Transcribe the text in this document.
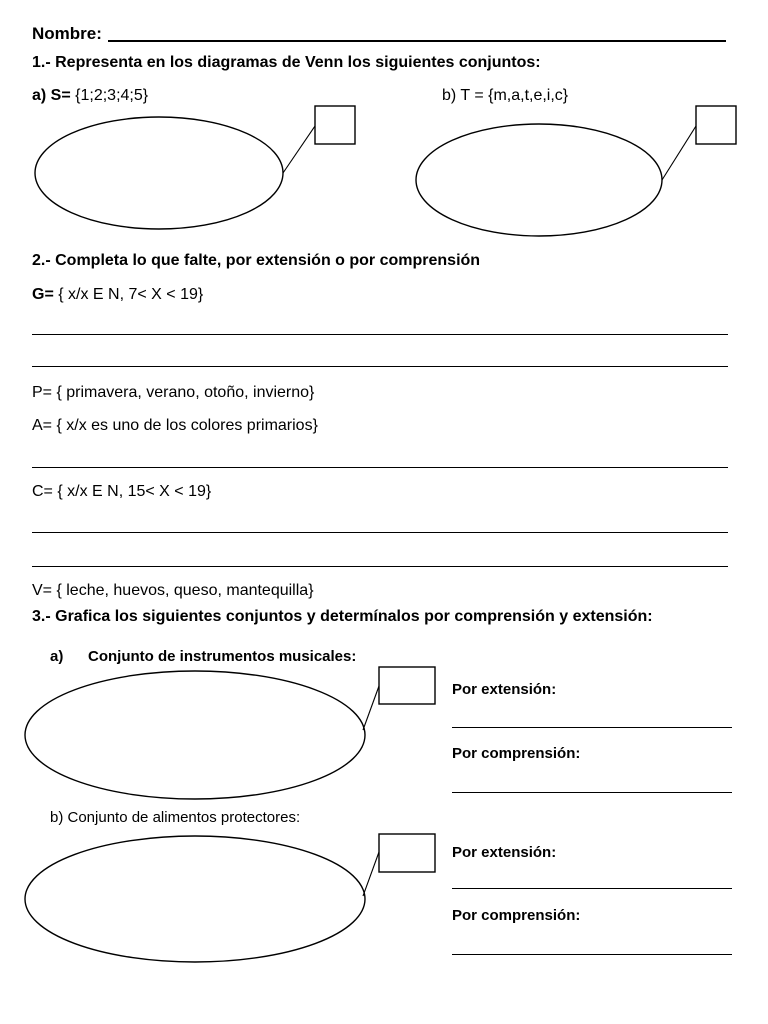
Nombre:
1.- Representa en los diagramas de Venn los siguientes conjuntos:
a) S= {1;2;3;4;5}	b) T = {m,a,t,e,i,c}
2.- Completa lo que falte, por extensión o por comprensión
G= { x/x E N, 7< X < 19}
P= { primavera, verano, otoño, invierno}
A= { x/x es uno de los colores primarios}
C= { x/x E N, 15< X < 19}
V= { leche, huevos, queso, mantequilla}
3.- Grafica los siguientes conjuntos y determínalos por comprensión y extensión:
a) Conjunto de instrumentos musicales:
Por extensión:
Por comprensión:
b) Conjunto de alimentos protectores:
Por extensión:
Por comprensión:
